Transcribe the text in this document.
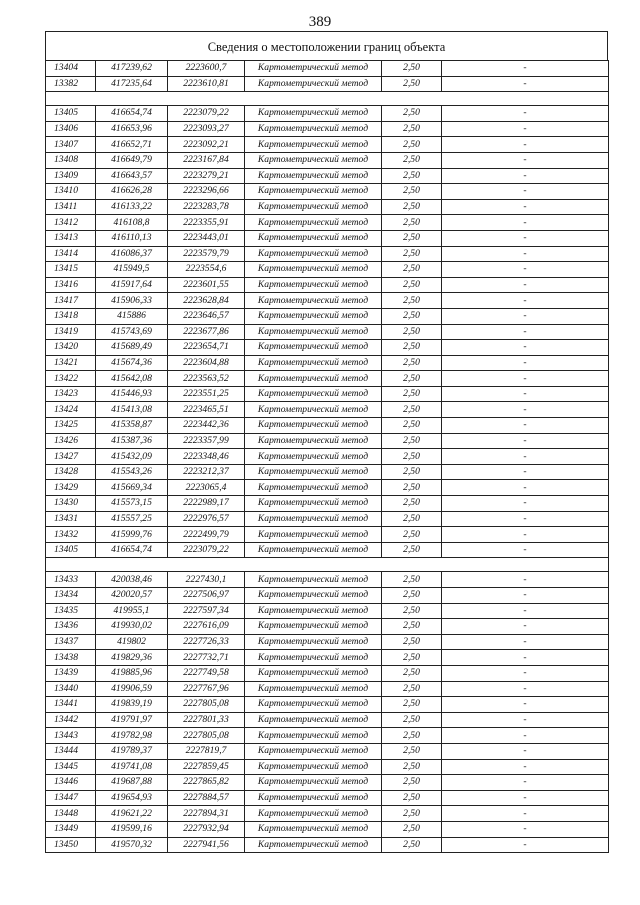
389
Сведения о местоположении границ объекта
13404	417239,62	2223600,7	Картометрический метод	2,50	-
13382	417235,64	2223610,81	Картометрический метод	2,50	-

13405	416654,74	2223079,22	Картометрический метод	2,50	-
13406	416653,96	2223093,27	Картометрический метод	2,50	-
13407	416652,71	2223092,21	Картометрический метод	2,50	-
13408	416649,79	2223167,84	Картометрический метод	2,50	-
13409	416643,57	2223279,21	Картометрический метод	2,50	-
13410	416626,28	2223296,66	Картометрический метод	2,50	-
13411	416133,22	2223283,78	Картометрический метод	2,50	-
13412	416108,8	2223355,91	Картометрический метод	2,50	-
13413	416110,13	2223443,01	Картометрический метод	2,50	-
13414	416086,37	2223579,79	Картометрический метод	2,50	-
13415	415949,5	2223554,6	Картометрический метод	2,50	-
13416	415917,64	2223601,55	Картометрический метод	2,50	-
13417	415906,33	2223628,84	Картометрический метод	2,50	-
13418	415886	2223646,57	Картометрический метод	2,50	-
13419	415743,69	2223677,86	Картометрический метод	2,50	-
13420	415689,49	2223654,71	Картометрический метод	2,50	-
13421	415674,36	2223604,88	Картометрический метод	2,50	-
13422	415642,08	2223563,52	Картометрический метод	2,50	-
13423	415446,93	2223551,25	Картометрический метод	2,50	-
13424	415413,08	2223465,51	Картометрический метод	2,50	-
13425	415358,87	2223442,36	Картометрический метод	2,50	-
13426	415387,36	2223357,99	Картометрический метод	2,50	-
13427	415432,09	2223348,46	Картометрический метод	2,50	-
13428	415543,26	2223212,37	Картометрический метод	2,50	-
13429	415669,34	2223065,4	Картометрический метод	2,50	-
13430	415573,15	2222989,17	Картометрический метод	2,50	-
13431	415557,25	2222976,57	Картометрический метод	2,50	-
13432	415999,76	2222499,79	Картометрический метод	2,50	-
13405	416654,74	2223079,22	Картометрический метод	2,50	-

13433	420038,46	2227430,1	Картометрический метод	2,50	-
13434	420020,57	2227506,97	Картометрический метод	2,50	-
13435	419955,1	2227597,34	Картометрический метод	2,50	-
13436	419930,02	2227616,09	Картометрический метод	2,50	-
13437	419802	2227726,33	Картометрический метод	2,50	-
13438	419829,36	2227732,71	Картометрический метод	2,50	-
13439	419885,96	2227749,58	Картометрический метод	2,50	-
13440	419906,59	2227767,96	Картометрический метод	2,50	-
13441	419839,19	2227805,08	Картометрический метод	2,50	-
13442	419791,97	2227801,33	Картометрический метод	2,50	-
13443	419782,98	2227805,08	Картометрический метод	2,50	-
13444	419789,37	2227819,7	Картометрический метод	2,50	-
13445	419741,08	2227859,45	Картометрический метод	2,50	-
13446	419687,88	2227865,82	Картометрический метод	2,50	-
13447	419654,93	2227884,57	Картометрический метод	2,50	-
13448	419621,22	2227894,31	Картометрический метод	2,50	-
13449	419599,16	2227932,94	Картометрический метод	2,50	-
13450	419570,32	2227941,56	Картометрический метод	2,50	-
